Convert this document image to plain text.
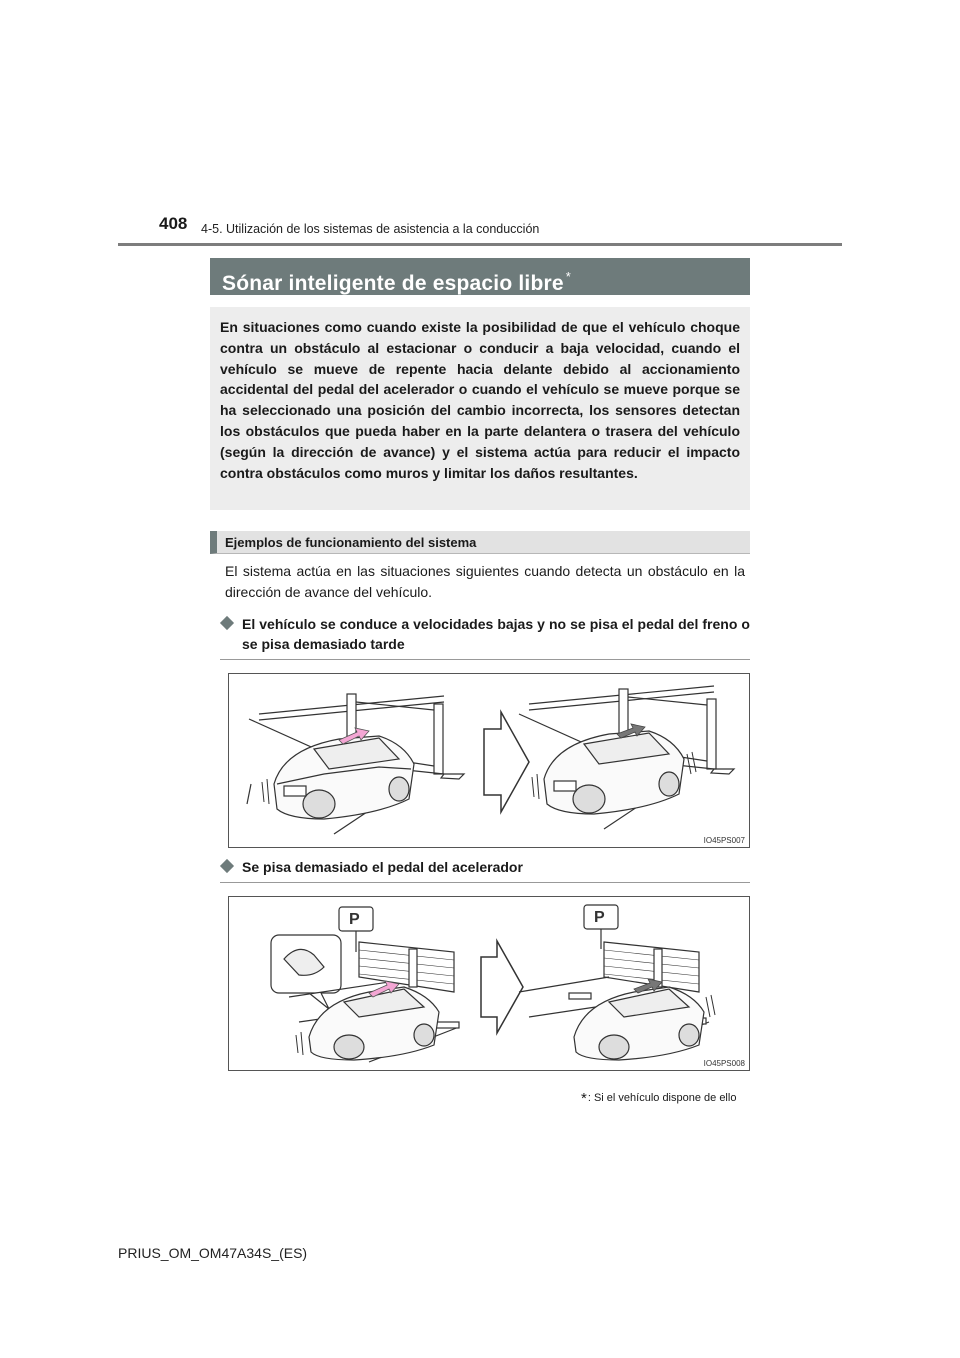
408 4-5. Utilización de los sistemas de asistencia a la conducción
Sónar inteligente de espacio libre *
En situaciones como cuando existe la posibilidad de que el vehículo choque contra un obstáculo al estacionar o conducir a baja velocidad, cuando el vehículo se mueve de repente hacia delante debido al accionamiento accidental del pedal del acelerador o cuando el vehículo se mueve porque se ha seleccionado una posición del cambio incorrecta, los sensores detectan los obstáculos que pueda haber en la parte delantera o trasera del vehículo (según la dirección de avance) y el sistema actúa para reducir el impacto contra obstáculos como muros y limitar los daños resultantes.
Ejemplos de funcionamiento del sistema
El sistema actúa en las situaciones siguientes cuando detecta un obstáculo en la dirección de avance del vehículo.
El vehículo se conduce a velocidades bajas y no se pisa el pedal del freno o se pisa demasiado tarde
IO45PS007
Se pisa demasiado el pedal del acelerador
P	P
IO45PS008
*: Si el vehículo dispone de ello
PRIUS_OM_OM47A34S_(ES)
